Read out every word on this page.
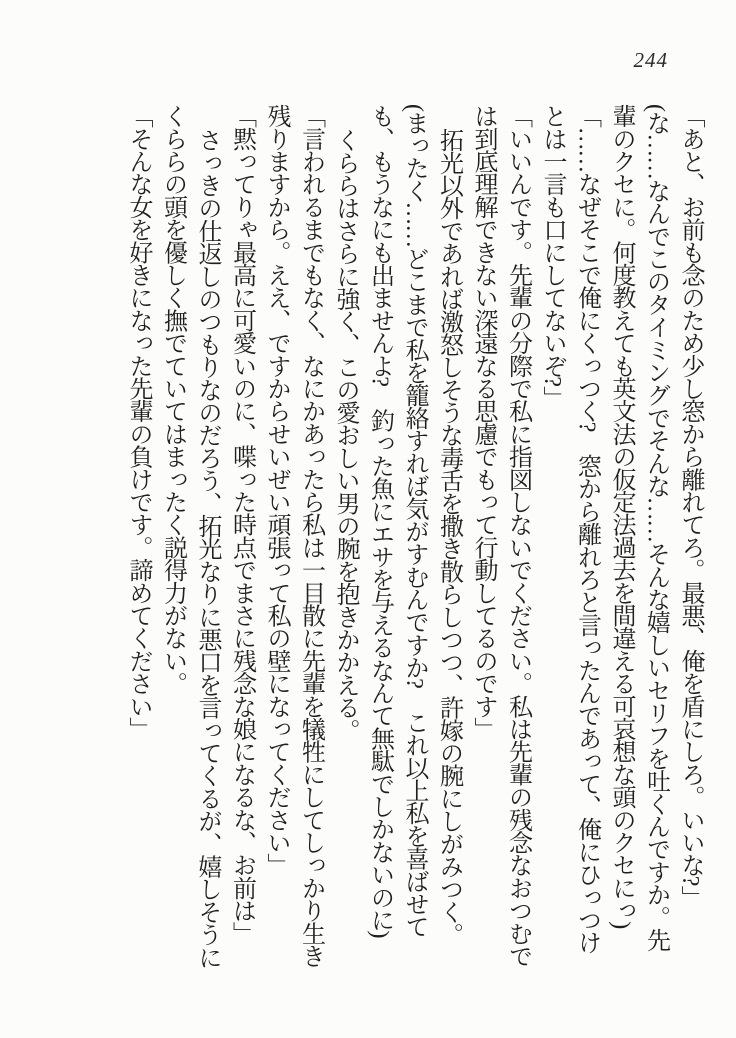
244

「あと、お前も念のため少し窓から離れてろ。最悪、俺を盾にしろ。いいな?」

(な……なんでこのタイミングでそんな……そんな嬉しいセリフを吐くんですか。先輩のクセに。何度教えても英文法の仮定法過去を間違える可哀想な頭のクセにっ)

「……なぜそこで俺にくっつく?　窓から離れろと言ったんであって、俺にひっつけとは一言も口にしてないぞ?」

「いいんです。先輩の分際で私に指図しないでください。私は先輩の残念なおつむでは到底理解できない深遠なる思慮でもって行動してるのです」

拓光以外であれば激怒しそうな毒舌を撒き散らしつつ、許嫁の腕にしがみつく。

(まったく……どこまで私を籠絡すれば気がすむんですか?　これ以上私を喜ばせても、もうなにも出ませんよ?　釣った魚にエサを与えるなんて無駄でしかないのに)

くららはさらに強く、この愛おしい男の腕を抱きかかえる。

「言われるまでもなく、なにかあったら私は一目散に先輩を犠牲にしてしっかり生き残りますから。ええ、ですからせいぜい頑張って私の壁になってください」

「黙ってりゃ最高に可愛いのに、喋った時点でまさに残念な娘になるな、お前は」

さっきの仕返しのつもりなのだろう、拓光なりに悪口を言ってくるが、嬉しそうにくららの頭を優しく撫でていてはまったく説得力がない。

「そんな女を好きになった先輩の負けです。諦めてください」
